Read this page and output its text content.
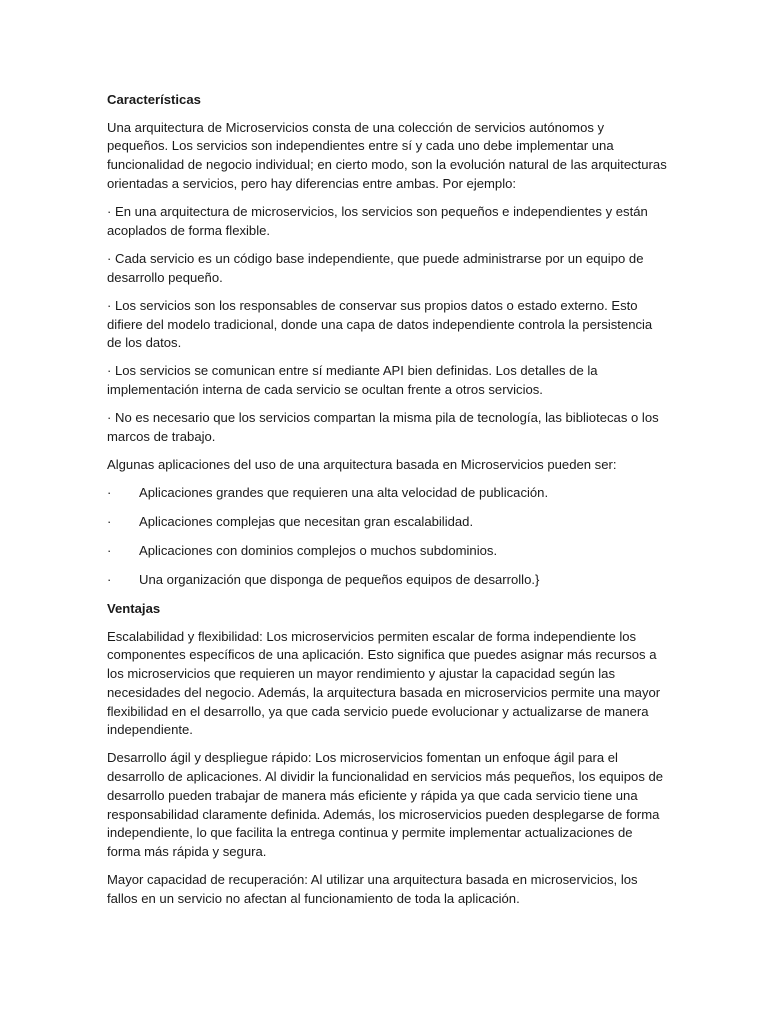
Características

Una arquitectura de Microservicios consta de una colección de servicios autónomos y pequeños. Los servicios son independientes entre sí y cada uno debe implementar una funcionalidad de negocio individual; en cierto modo, son la evolución natural de las arquitecturas orientadas a servicios, pero hay diferencias entre ambas. Por ejemplo:

· En una arquitectura de microservicios, los servicios son pequeños e independientes y están acoplados de forma flexible.

· Cada servicio es un código base independiente, que puede administrarse por un equipo de desarrollo pequeño.

· Los servicios son los responsables de conservar sus propios datos o estado externo. Esto difiere del modelo tradicional, donde una capa de datos independiente controla la persistencia de los datos.

· Los servicios se comunican entre sí mediante API bien definidas. Los detalles de la implementación interna de cada servicio se ocultan frente a otros servicios.

· No es necesario que los servicios compartan la misma pila de tecnología, las bibliotecas o los marcos de trabajo.

Algunas aplicaciones del uso de una arquitectura basada en Microservicios pueden ser:

·	Aplicaciones grandes que requieren una alta velocidad de publicación.
·	Aplicaciones complejas que necesitan gran escalabilidad.
·	Aplicaciones con dominios complejos o muchos subdominios.
·	Una organización que disponga de pequeños equipos de desarrollo.}
Ventajas

Escalabilidad y flexibilidad: Los microservicios permiten escalar de forma independiente los componentes específicos de una aplicación. Esto significa que puedes asignar más recursos a los microservicios que requieren un mayor rendimiento y ajustar la capacidad según las necesidades del negocio. Además, la arquitectura basada en microservicios permite una mayor flexibilidad en el desarrollo, ya que cada servicio puede evolucionar y actualizarse de manera independiente.

Desarrollo ágil y despliegue rápido: Los microservicios fomentan un enfoque ágil para el desarrollo de aplicaciones. Al dividir la funcionalidad en servicios más pequeños, los equipos de desarrollo pueden trabajar de manera más eficiente y rápida ya que cada servicio tiene una responsabilidad claramente definida. Además, los microservicios pueden desplegarse de forma independiente, lo que facilita la entrega continua y permite implementar actualizaciones de forma más rápida y segura.

Mayor capacidad de recuperación: Al utilizar una arquitectura basada en microservicios, los fallos en un servicio no afectan al funcionamiento de toda la aplicación.
